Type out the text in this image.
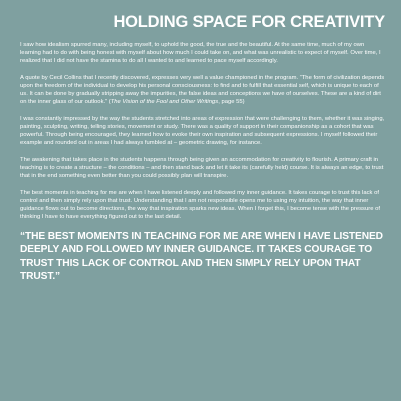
HOLDING SPACE FOR CREATIVITY

I saw how idealism spurred many, including myself, to uphold the good, the true and the beautiful. At the same time, much of my own learning had to do with being honest with myself about how much I could take on, and what was unrealistic to expect of myself. Over time, I realized that I did not have the stamina to do all I wanted to and learned to pace myself accordingly.

A quote by Cecil Collins that I recently discovered, expresses very well a value championed in the program. “The form of civilization depends upon the freedom of the individual to develop his personal consciousness: to find and to fulfill that essential self, which is unique to each of us. It can be done by gradually stripping away the impurities, the false ideas and conceptions we have of ourselves. These are a kind of dirt on the inner glass of our outlook.” (The Vision of the Fool and Other Writings, page 55)

I was constantly impressed by the way the students stretched into areas of expression that were challenging to them, whether it was singing, painting, sculpting, writing, telling stories, movement or study. There was a quality of support in their companionship as a cohort that was powerful. Through being encouraged, they learned how to evoke their own inspiration and subsequent expressions. I myself followed their example and rounded out in areas I had always fumbled at – geometric drawing, for instance.

The awakening that takes place in the students happens through being given an accommodation for creativity to flourish. A primary craft in teaching is to create a structure – the conditions – and then stand back and let it take its (carefully held) course. It is always an edge, to trust that in the end something even better than you could possibly plan will transpire.

The best moments in teaching for me are when I have listened deeply and followed my inner guidance. It takes courage to trust this lack of control and then simply rely upon that trust. Understanding that I am not responsible opens me to using my intuition, the way that inner guidance flows out to become directions, the way that inspiration sparks new ideas. When I forget this, I become tense with the pressure of thinking I have to have everything figured out to the last detail.

“THE BEST MOMENTS IN TEACHING FOR ME ARE WHEN I HAVE LISTENED DEEPLY AND FOLLOWED MY INNER GUIDANCE. IT TAKES COURAGE TO TRUST THIS LACK OF CONTROL AND THEN SIMPLY RELY UPON THAT TRUST.”
